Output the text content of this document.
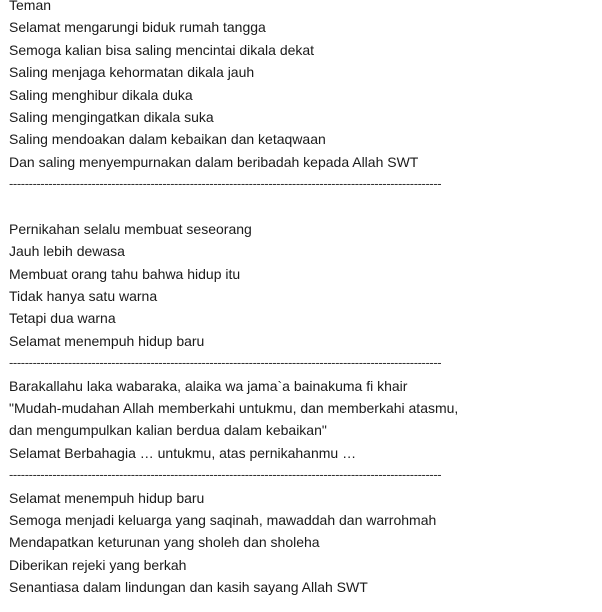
Teman
Selamat mengarungi biduk rumah tangga
Semoga kalian bisa saling mencintai dikala dekat
Saling menjaga kehormatan dikala jauh
Saling menghibur dikala duka
Saling mengingatkan dikala suka
Saling mendoakan dalam kebaikan dan ketaqwaan
Dan saling menyempurnakan dalam beribadah kepada Allah SWT
--------------------------------------------------------------------------------------------------------------
Pernikahan selalu membuat seseorang
Jauh lebih dewasa
Membuat orang tahu bahwa hidup itu
Tidak hanya satu warna
Tetapi dua warna
Selamat menempuh hidup baru
--------------------------------------------------------------------------------------------------------------
Barakallahu laka wabaraka, alaika wa jama`a bainakuma fi khair
"Mudah-mudahan Allah memberkahi untukmu, dan memberkahi atasmu,
dan mengumpulkan kalian berdua dalam kebaikan"
Selamat Berbahagia … untukmu, atas pernikahanmu …
--------------------------------------------------------------------------------------------------------------
Selamat menempuh hidup baru
Semoga menjadi keluarga yang saqinah, mawaddah dan warrohmah
Mendapatkan keturunan yang sholeh dan sholeha
Diberikan rejeki yang berkah
Senantiasa dalam lindungan dan kasih sayang Allah SWT
